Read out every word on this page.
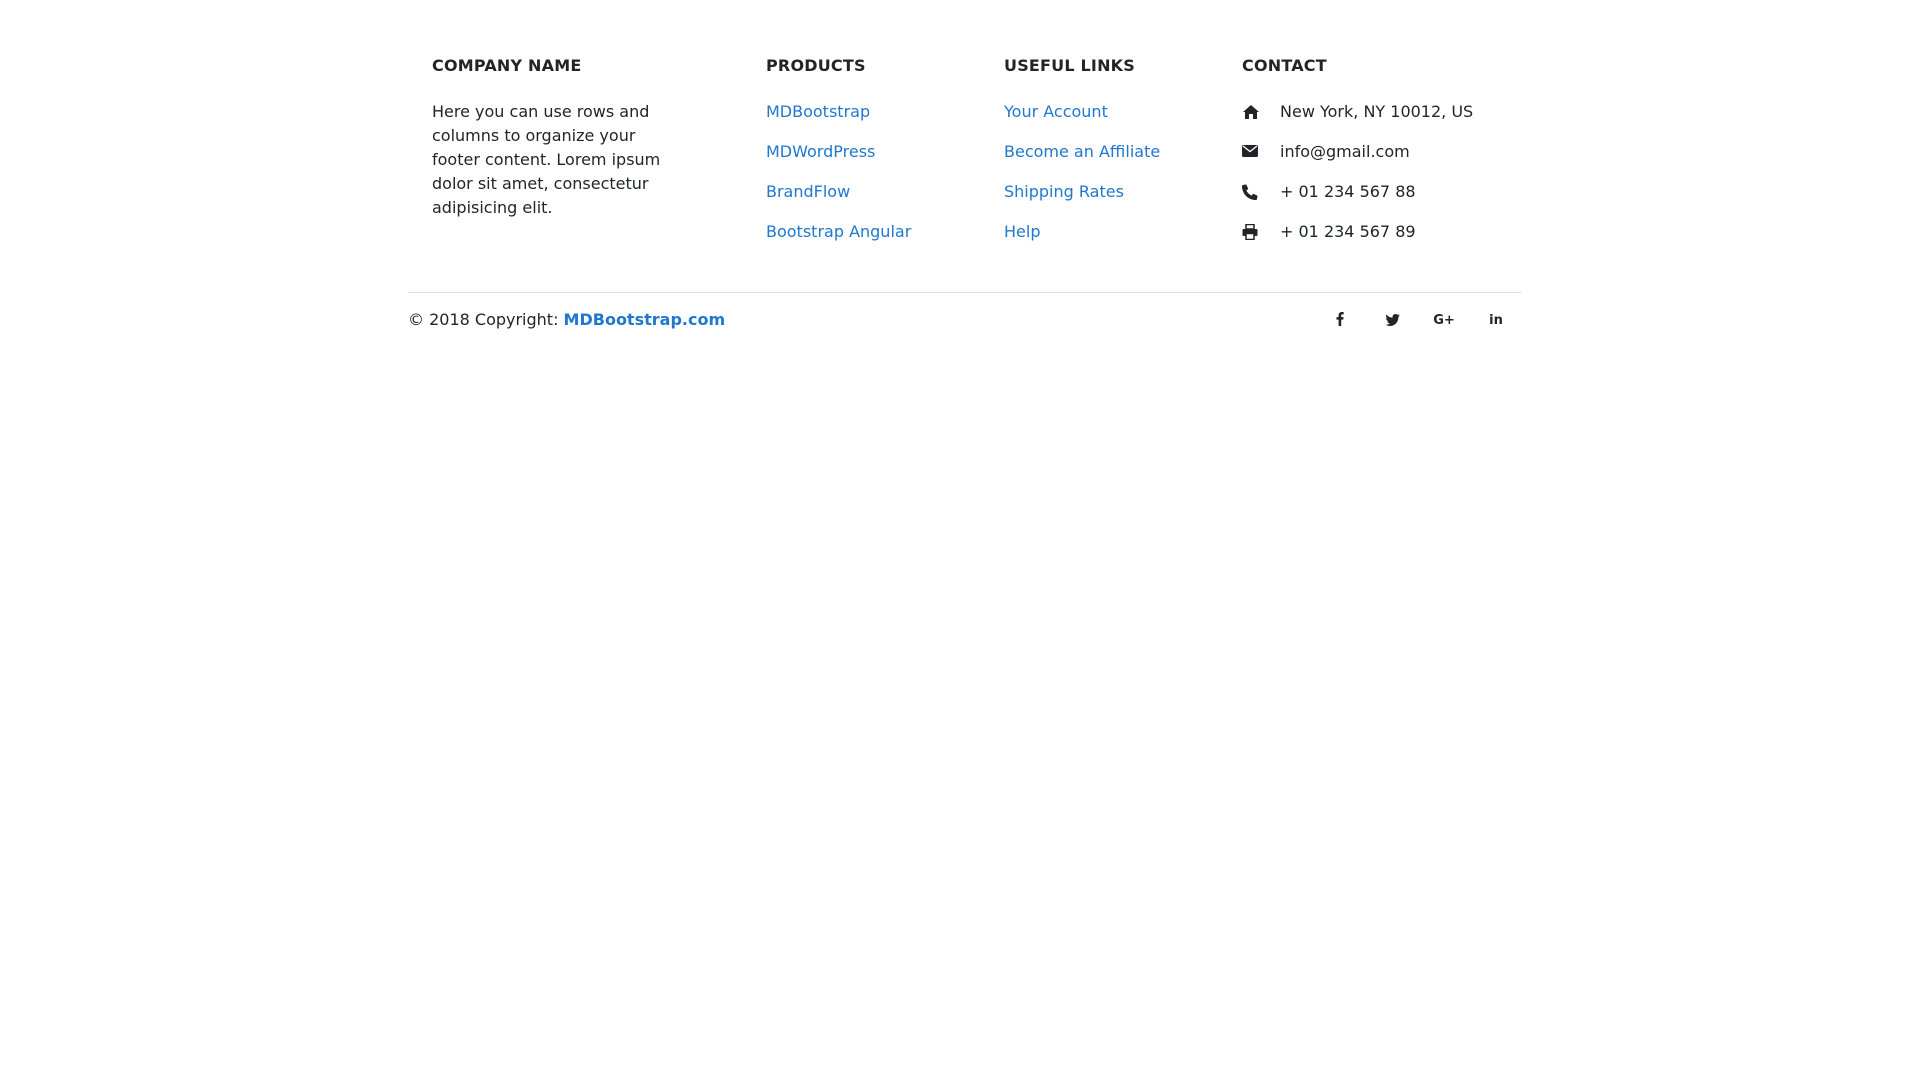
COMPANY NAME

Here you can use rows and columns to organize your footer content. Lorem ipsum dolor sit amet, consectetur adipisicing elit.

PRODUCTS
MDBootstrap
MDWordPress
BrandFlow
Bootstrap Angular
USEFUL LINKS
Your Account
Become an Affiliate
Shipping Rates
Help
CONTACT
New York, NY 10012, US
info@gmail.com
+ 01 234 567 88
+ 01 234 567 89
© 2018 Copyright: MDBootstrap.com	G+	in
